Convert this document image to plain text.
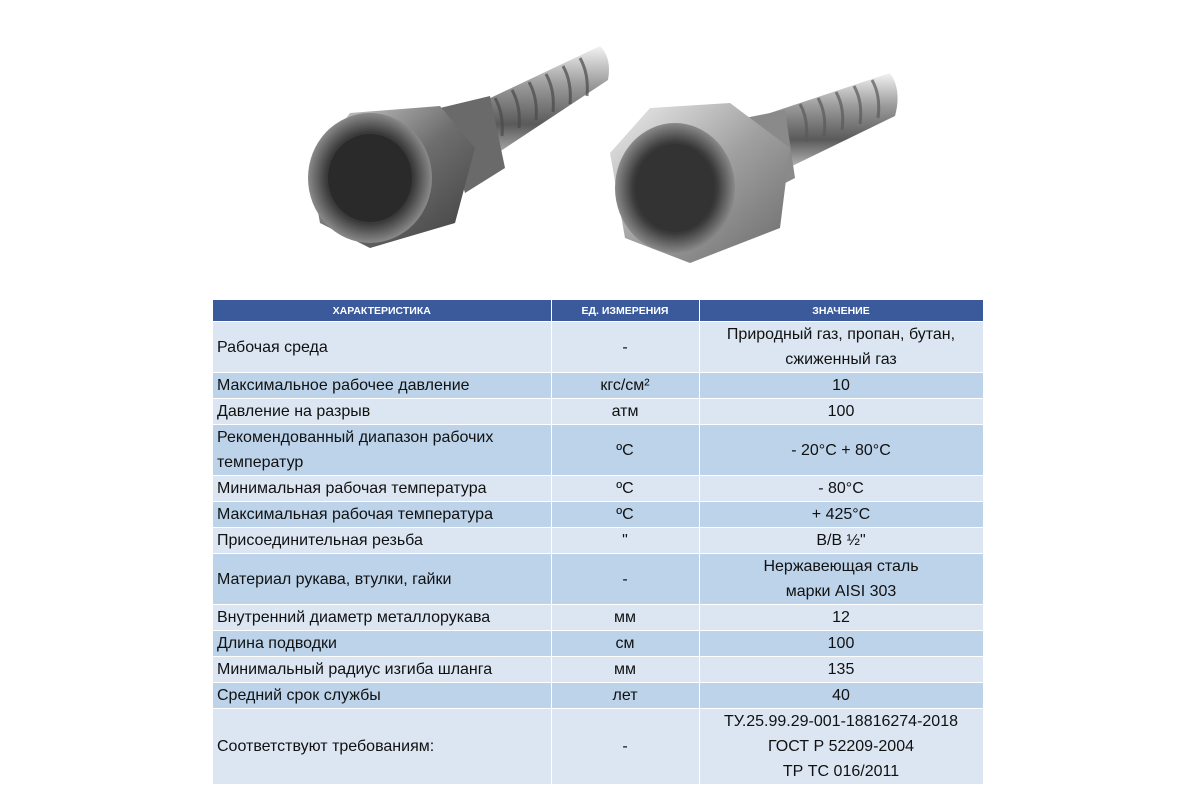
ХАРАКТЕРИСТИКА	ЕД. ИЗМЕРЕНИЯ	ЗНАЧЕНИЕ

Рабочая среда	-	Природный газ, пропан, бутан,
сжиженный газ

Максимальное рабочее давление	кгс/см²	10

Давление на разрыв	атм	100

Рекомендованный диапазон рабочих
температур	ºС	- 20°С + 80°С

Минимальная рабочая температура	ºС	- 80°С

Максимальная рабочая температура	ºС	+ 425°С

Присоединительная резьба	"	В/В ½"

Материал рукава, втулки, гайки	-	Нержавеющая сталь
марки AISI 303

Внутренний диаметр металлорукава	мм	12

Длина подводки	см	100

Минимальный радиус изгиба шланга	мм	135

Средний срок службы	лет	40

Соответствуют требованиям:	-	ТУ.25.99.29-001-18816274-2018
ГОСТ Р 52209-2004
ТР ТС 016/2011
